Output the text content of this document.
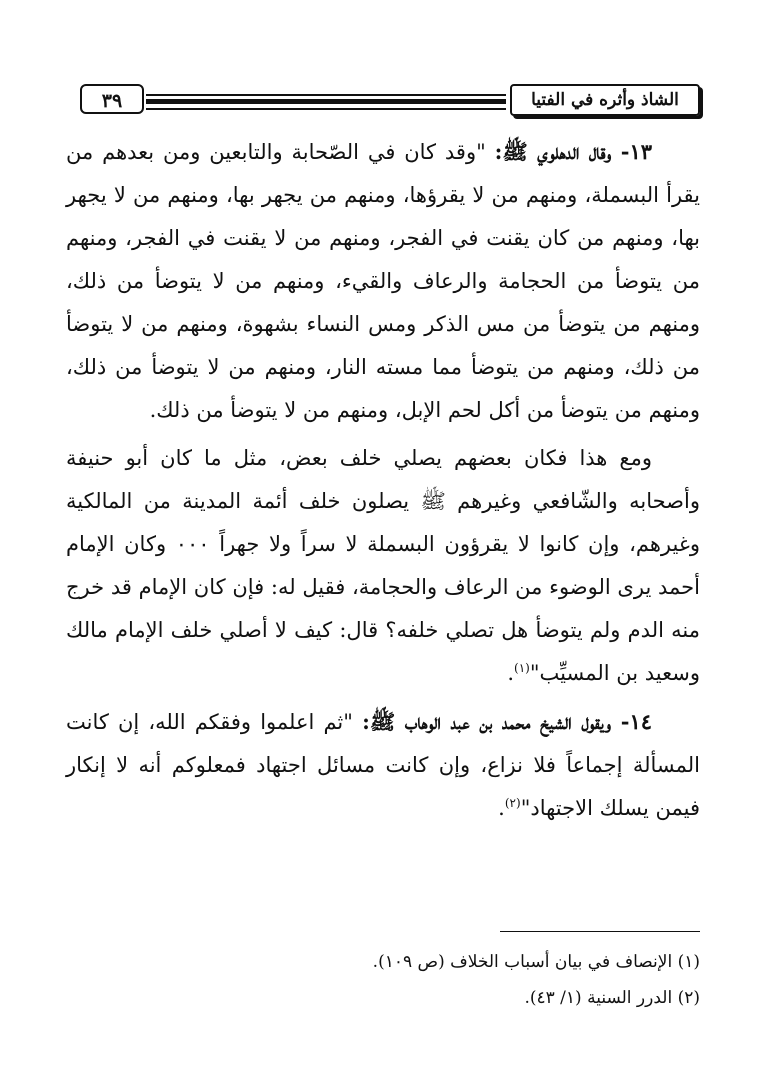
٣٩	الشاذ وأثره في الفتيا

١٣- وقال الدهلوي ﷺ: "وقد كان في الصّحابة والتابعين ومن بعدهم من يقرأ البسملة، ومنهم من لا يقرؤها، ومنهم من يجهر بها، ومنهم من لا يجهر بها، ومنهم من كان يقنت في الفجر، ومنهم من لا يقنت في الفجر، ومنهم من يتوضأ من الحجامة والرعاف والقيء، ومنهم من لا يتوضأ من ذلك، ومنهم من يتوضأ من مس الذكر ومس النساء بشهوة، ومنهم من لا يتوضأ من ذلك، ومنهم من يتوضأ مما مسته النار، ومنهم من لا يتوضأ من ذلك، ومنهم من يتوضأ من أكل لحم الإبل، ومنهم من لا يتوضأ من ذلك.

ومع هذا فكان بعضهم يصلي خلف بعض، مثل ما كان أبو حنيفة وأصحابه والشّافعي وغيرهم ﷺ يصلون خلف أئمة المدينة من المالكية وغيرهم، وإن كانوا لا يقرؤون البسملة لا سراً ولا جهراً ٠٠٠ وكان الإمام أحمد يرى الوضوء من الرعاف والحجامة، فقيل له: فإن كان الإمام قد خرج منه الدم ولم يتوضأ هل تصلي خلفه؟ قال: كيف لا أصلي خلف الإمام مالك وسعيد بن المسيِّب"$^{(١)}$.

١٤- ويقول الشيخ محمد بن عبد الوهاب ﷺ: "ثم اعلموا وفقكم الله، إن كانت المسألة إجماعاً فلا نزاع، وإن كانت مسائل اجتهاد فمعلوكم أنه لا إنكار فيمن يسلك الاجتهاد"$^{(٢)}$.

(١) الإنصاف في بيان أسباب الخلاف (ص ١٠٩).
(٢) الدرر السنية (١/ ٤٣).
